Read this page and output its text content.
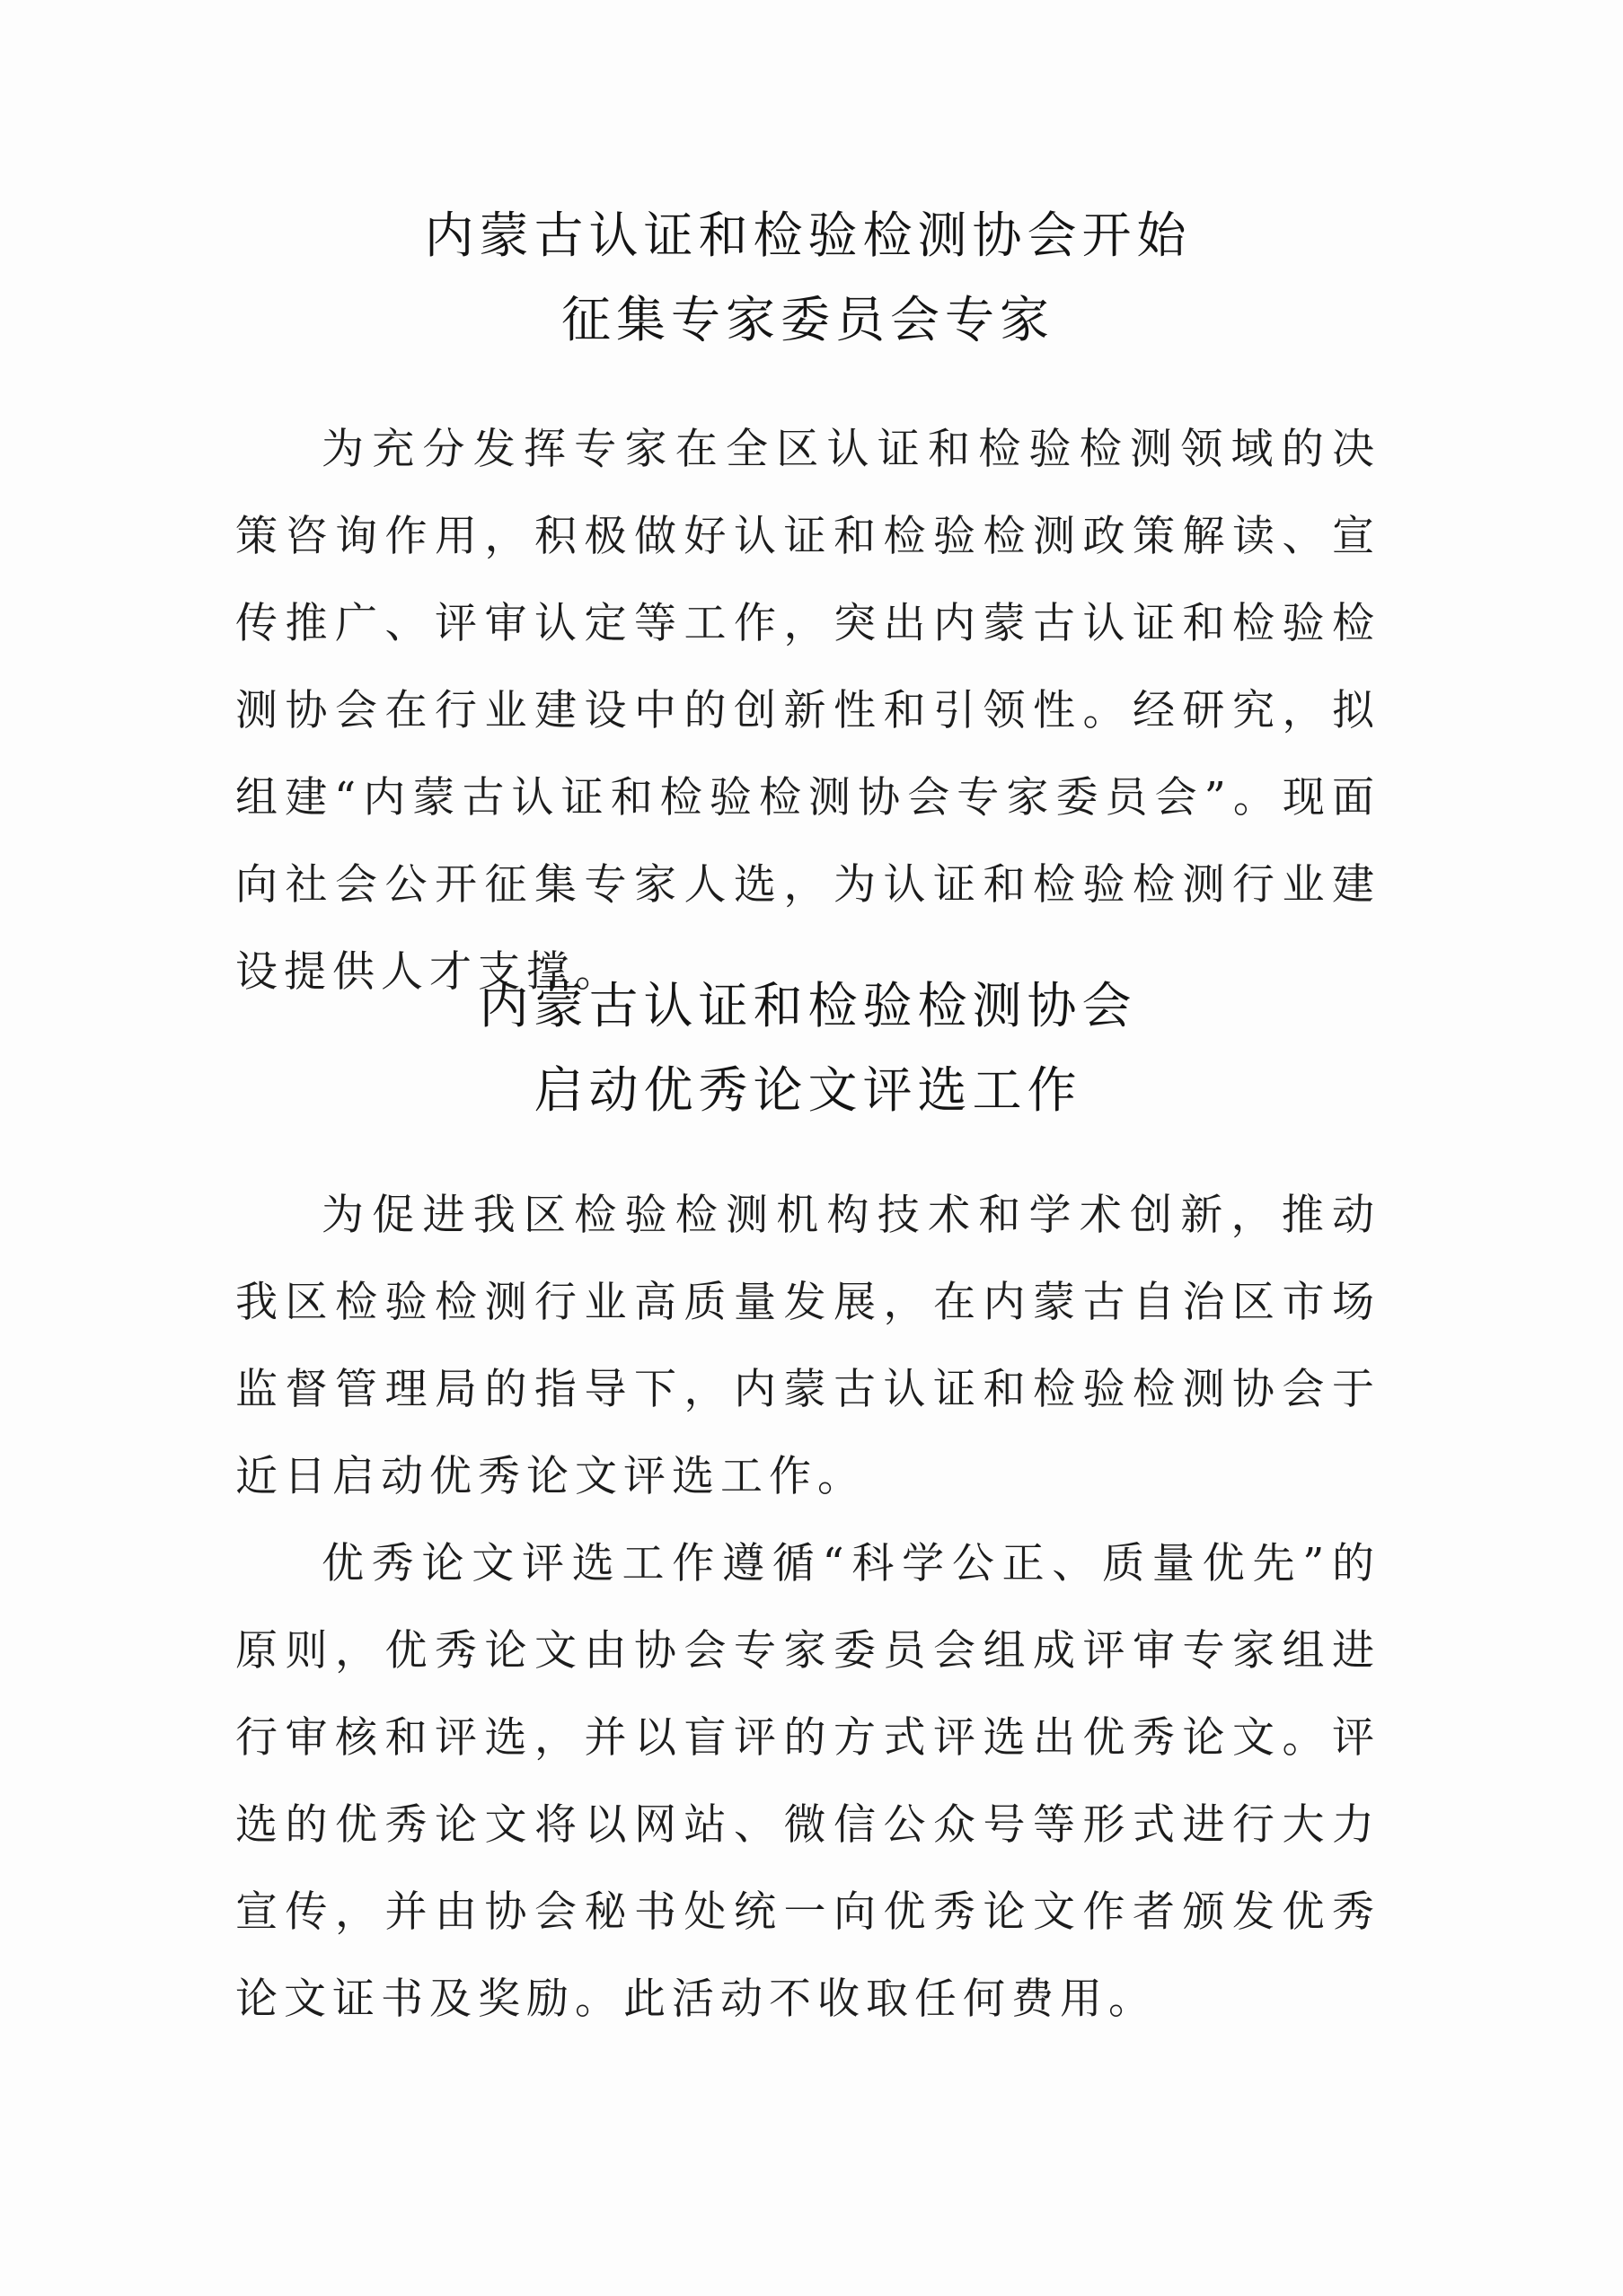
内蒙古认证和检验检测协会开始
征集专家委员会专家

为充分发挥专家在全区认证和检验检测领域的决策咨询作用，积极做好认证和检验检测政策解读、宣传推广、评审认定等工作，突出内蒙古认证和检验检测协会在行业建设中的创新性和引领性。经研究，拟组建“内蒙古认证和检验检测协会专家委员会”。现面向社会公开征集专家人选，为认证和检验检测行业建设提供人才支撑。

内蒙古认证和检验检测协会
启动优秀论文评选工作

为促进我区检验检测机构技术和学术创新，推动我区检验检测行业高质量发展，在内蒙古自治区市场监督管理局的指导下，内蒙古认证和检验检测协会于近日启动优秀论文评选工作。

优秀论文评选工作遵循“科学公正、质量优先”的原则，优秀论文由协会专家委员会组成评审专家组进行审核和评选，并以盲评的方式评选出优秀论文。评选的优秀论文将以网站、微信公众号等形式进行大力宣传，并由协会秘书处统一向优秀论文作者颁发优秀论文证书及奖励。此活动不收取任何费用。
